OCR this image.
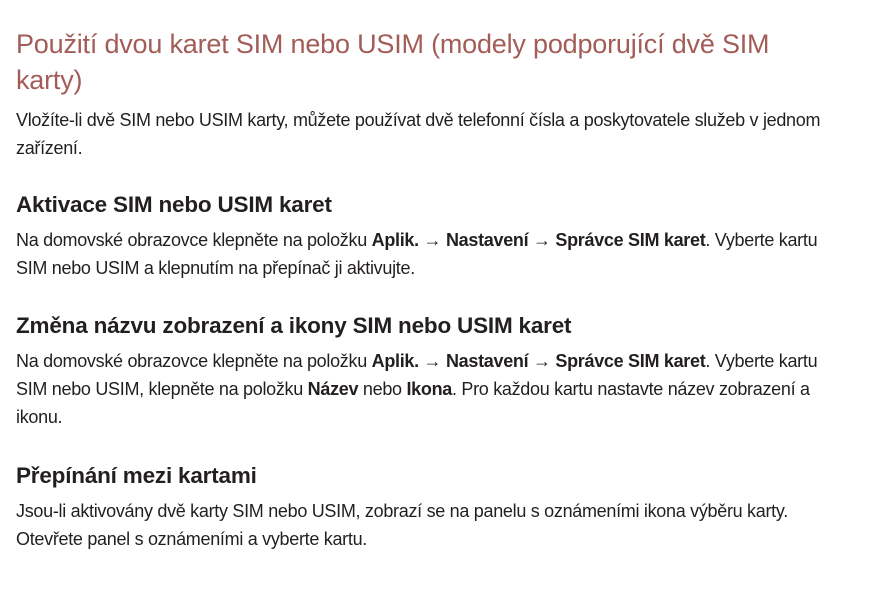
Použití dvou karet SIM nebo USIM (modely podporující dvě SIM karty)

Vložíte-li dvě SIM nebo USIM karty, můžete používat dvě telefonní čísla a poskytovatele služeb v jednom zařízení.

Aktivace SIM nebo USIM karet

Na domovské obrazovce klepněte na položku Aplik. → Nastavení → Správce SIM karet. Vyberte kartu SIM nebo USIM a klepnutím na přepínač ji aktivujte.

Změna názvu zobrazení a ikony SIM nebo USIM karet

Na domovské obrazovce klepněte na položku Aplik. → Nastavení → Správce SIM karet. Vyberte kartu SIM nebo USIM, klepněte na položku Název nebo Ikona. Pro každou kartu nastavte název zobrazení a ikonu.

Přepínání mezi kartami

Jsou-li aktivovány dvě karty SIM nebo USIM, zobrazí se na panelu s oznámeními ikona výběru karty. Otevřete panel s oznámeními a vyberte kartu.
